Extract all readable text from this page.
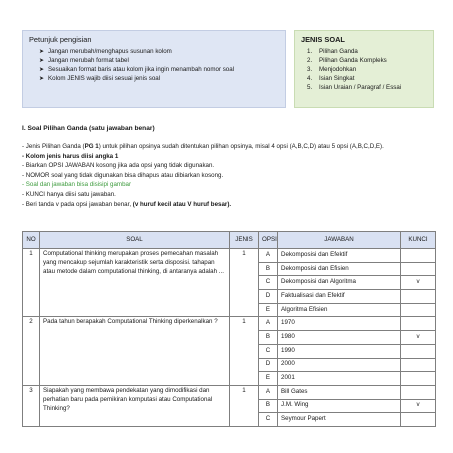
Petunjuk pengisian
➤ Jangan merubah/menghapus susunan kolom
➤ Jangan merubah format tabel
➤ Sesuaikan format baris atau kolom jika ingin menambah nomor soal
➤ Kolom JENIS wajib diisi sesuai jenis soal
JENIS SOAL
1. Pilihan Ganda
2. Pilihan Ganda Kompleks
3. Menjodohkan
4. Isian Singkat
5. Isian Uraian / Paragraf / Essai
I. Soal Pilihan Ganda (satu jawaban benar)
- Jenis Pilihan Ganda (PG 1) untuk pilihan opsinya sudah ditentukan pilihan opsinya, misal 4 opsi (A,B,C,D) atau 5 opsi (A,B,C,D,E).
- Kolom jenis harus diisi angka 1
- Biarkan OPSI JAWABAN kosong jika ada opsi yang tidak digunakan.
- NOMOR soal yang tidak digunakan bisa dihapus atau dibiarkan kosong.
- Soal dan jawaban bisa disisipi gambar
- KUNCI hanya diisi satu jawaban.
- Beri tanda v pada opsi jawaban benar, (v huruf kecil atau V huruf besar).
NO	SOAL	JENIS	OPSI	JAWABAN	KUNCI
1	Computational thinking merupakan proses pemecahan masalah yang mencakup sejumlah karakteristik serta disposisi. tahapan atau metode dalam computational thinking, di antaranya adalah ...	1	A	Dekomposisi dan Efektif	
			B	Dekomposisi dan Efisien	
			C	Dekomposisi dan Algoritma	v
			D	Faktualisasi dan Efektif	
			E	Algoritma Efisien	
2	Pada tahun berapakah Computational Thinking diperkenalkan ?	1	A	1970	
			B	1980	v
			C	1990	
			D	2000	
			E	2001	
3	Siapakah yang membawa pendekatan yang dimodifikasi dan perhatian baru pada pemikiran komputasi atau Computational Thinking?	1	A	Bill Gates	
			B	J.M. Wing	v
			C	Seymour Papert	
